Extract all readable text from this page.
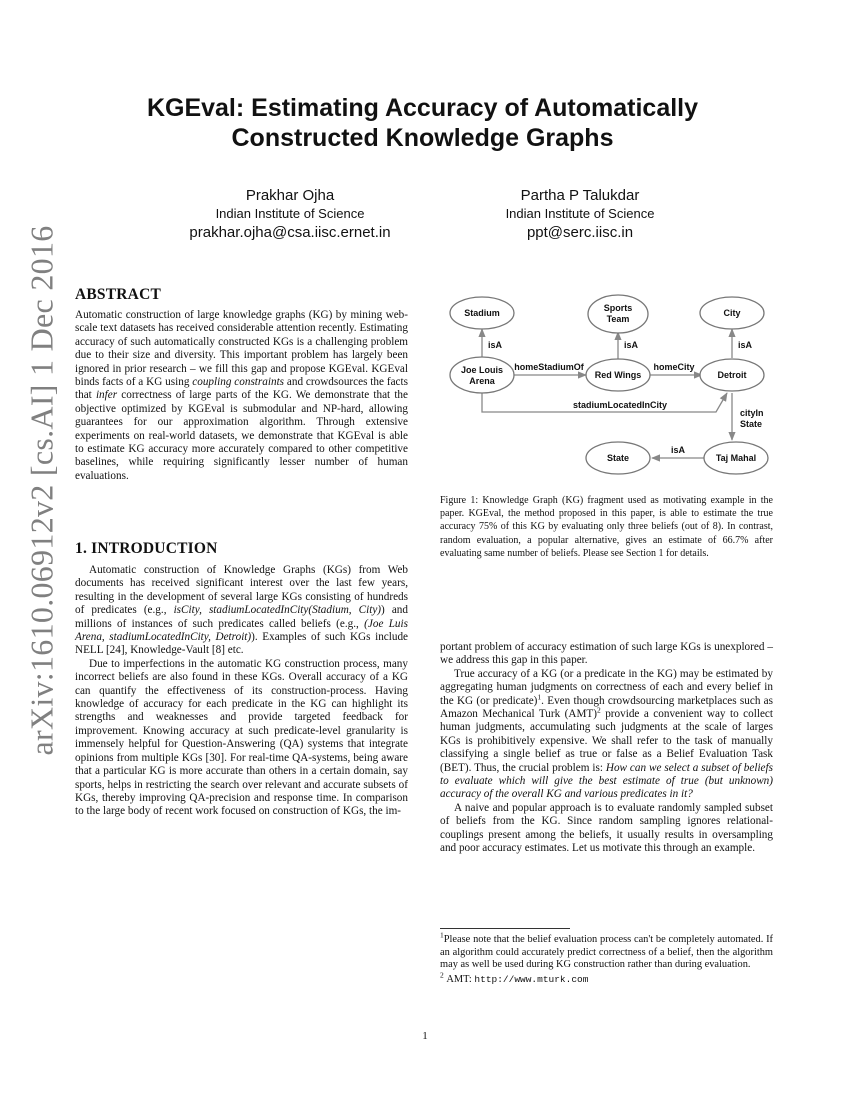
arXiv:1610.06912v2 [cs.AI] 1 Dec 2016
KGEval: Estimating Accuracy of Automatically
Constructed Knowledge Graphs
Prakhar Ojha
Indian Institute of Science
prakhar.ojha@csa.iisc.ernet.in
Partha P Talukdar
Indian Institute of Science
ppt@serc.iisc.in
ABSTRACT

Automatic construction of large knowledge graphs (KG) by mining web-scale text datasets has received considerable attention recently. Estimating accuracy of such automatically constructed KGs is a challenging problem due to their size and diversity. This important problem has largely been ignored in prior research – we fill this gap and propose KGEval. KGEval binds facts of a KG using coupling constraints and crowdsources the facts that infer correctness of large parts of the KG. We demonstrate that the objective optimized by KGEval is submodular and NP-hard, allowing guarantees for our approximation algorithm. Through extensive experiments on real-world datasets, we demonstrate that KGEval is able to estimate KG accuracy more accurately compared to other competitive baselines, while requiring significantly lesser number of human evaluations.

1. INTRODUCTION

Automatic construction of Knowledge Graphs (KGs) from Web documents has received significant interest over the last few years, resulting in the development of several large KGs consisting of hundreds of predicates (e.g., isCity, stadiumLocatedInCity(Stadium, City)) and millions of instances of such predicates called beliefs (e.g., (Joe Luis Arena, stadiumLocatedInCity, Detroit)). Examples of such KGs include NELL [24], Knowledge-Vault [8] etc.

Due to imperfections in the automatic KG construction process, many incorrect beliefs are also found in these KGs. Overall accuracy of a KG can quantify the effectiveness of its construction-process. Having knowledge of accuracy for each predicate in the KG can highlight its strengths and weaknesses and provide targeted feedback for improvement. Knowing accuracy at such predicate-level granularity is immensely helpful for Question-Answering (QA) systems that integrate opinions from multiple KGs [30]. For real-time QA-systems, being aware that a particular KG is more accurate than others in a certain domain, say sports, helps in restricting the search over relevant and accurate subsets of KGs, thereby improving QA-precision and response time. In comparison to the large body of recent work focused on construction of KGs, the im-

Stadium	Sports
Team
City
Joe Louis
Arena
Red Wings	Detroit
State	Taj Mahal
isA	isA	isA
homeStadiumOf	homeCity
stadiumLocatedInCity
cityIn
State
isA

Figure 1: Knowledge Graph (KG) fragment used as motivating example in the paper. KGEval, the method proposed in this paper, is able to estimate the true accuracy 75% of this KG by evaluating only three beliefs (out of 8). In contrast, random evaluation, a popular alternative, gives an estimate of 66.7% after evaluating same number of beliefs. Please see Section 1 for details.

portant problem of accuracy estimation of such large KGs is unexplored – we address this gap in this paper.

True accuracy of a KG (or a predicate in the KG) may be estimated by aggregating human judgments on correctness of each and every belief in the KG (or predicate)$^1$. Even though crowdsourcing marketplaces such as Amazon Mechanical Turk (AMT)$^2$ provide a convenient way to collect human judgments, accumulating such judgments at the scale of larges KGs is prohibitively expensive. We shall refer to the task of manually classifying a single belief as true or false as a Belief Evaluation Task (BET). Thus, the crucial problem is: How can we select a subset of beliefs to evaluate which will give the best estimate of true (but unknown) accuracy of the overall KG and various predicates in it?

A naive and popular approach is to evaluate randomly sampled subset of beliefs from the KG. Since random sampling ignores relational-couplings present among the beliefs, it usually results in oversampling and poor accuracy estimates. Let us motivate this through an example.

$^1$Please note that the belief evaluation process can't be completely automated. If an algorithm could accurately predict correctness of a belief, then the algorithm may as well be used during KG construction rather than during evaluation.

$^2$ AMT: http://www.mturk.com

1
